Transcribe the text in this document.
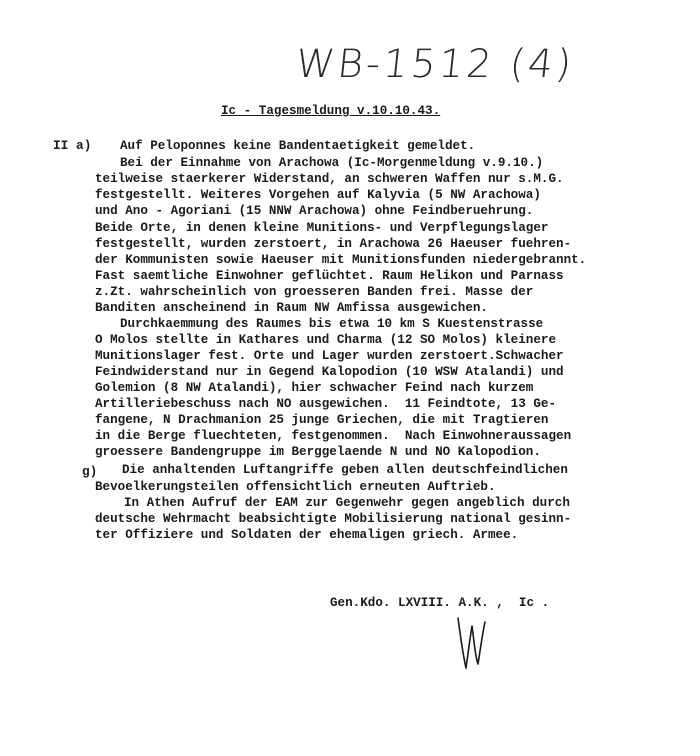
WB-1512 (4)
Ic - Tagesmeldung v.10.10.43.
II a) Auf Peloponnes keine Bandentaetigkeit gemeldet.
Bei der Einnahme von Arachowa (Ic-Morgenmeldung v.9.10.)
teilweise staerkerer Widerstand, an schweren Waffen nur s.M.G.
festgestellt. Weiteres Vorgehen auf Kalyvia (5 NW Arachowa)
und Ano - Agoriani (15 NNW Arachowa) ohne Feindberuehrung.
Beide Orte, in denen kleine Munitions- und Verpflegungslager
festgestellt, wurden zerstoert, in Arachowa 26 Haeuser fuehren-
der Kommunisten sowie Haeuser mit Munitionsfunden niedergebrannt.
Fast saemtliche Einwohner geflüchtet. Raum Helikon und Parnass
z.Zt. wahrscheinlich von groesseren Banden frei. Masse der
Banditen anscheinend in Raum NW Amfissa ausgewichen.
Durchkaemmung des Raumes bis etwa 10 km S Kuestenstrasse
O Molos stellte in Kathares und Charma (12 SO Molos) kleinere
Munitionslager fest. Orte und Lager wurden zerstoert.Schwacher
Feindwiderstand nur in Gegend Kalopodion (10 WSW Atalandi) und
Golemion (8 NW Atalandi), hier schwacher Feind nach kurzem
Artilleriebeschuss nach NO ausgewichen.  11 Feindtote, 13 Ge-
fangene, N Drachmanion 25 junge Griechen, die mit Tragtieren
in die Berge fluechteten, festgenommen.  Nach Einwohneraussagen
groessere Bandengruppe im Berggelaende N und NO Kalopodion.
g) Die anhaltenden Luftangriffe geben allen deutschfeindlichen
Bevoelkerungsteilen offensichtlich erneuten Auftrieb.
In Athen Aufruf der EAM zur Gegenwehr gegen angeblich durch
deutsche Wehrmacht beabsichtigte Mobilisierung national gesinn-
ter Offiziere und Soldaten der ehemaligen griech. Armee.
Gen.Kdo. LXVIII. A.K. ,  Ic .
